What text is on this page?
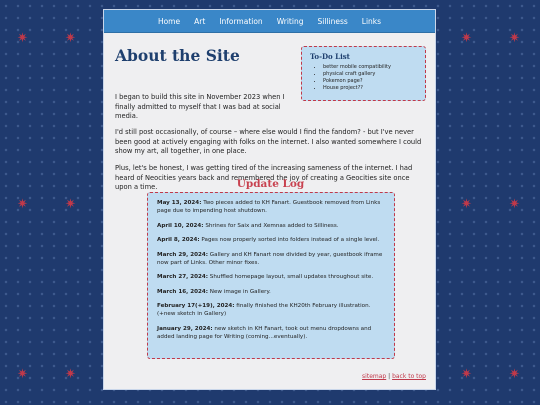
✷	✷
✷	✷
✷	✷
✷	✷
✷	✷
✷	✷
Home Art Information Writing Silliness Links
About the Site	To-Do List
• better mobile compatibility
• physical craft gallery
• Pokemon page?
• House project??

I began to build this site in November 2023 when I finally admitted to myself that I was bad at social media.

I'd still post occasionally, of course – where else would I find the fandom? - but I've never been good at actively engaging with folks on the internet. I also wanted somewhere I could show my art, all together, in one place.

Plus, let's be honest, I was getting tired of the increasing sameness of the internet. I had heard of Neocities years back and remembered the joy of creating a Geocities site once upon a time.	Update Log

May 13, 2024: Two pieces added to KH Fanart. Guestbook removed from Links page due to impending host shutdown.

April 10, 2024: Shrines for Saix and Xemnas added to Silliness.

April 8, 2024: Pages now properly sorted into folders instead of a single level.

March 29, 2024: Gallery and KH Fanart now divided by year, guestbook iframe now part of Links. Other minor fixes.

March 27, 2024: Shuffled homepage layout, small updates throughout site.

March 16, 2024: New image in Gallery.

February 17(+19), 2024: finally finished the KH20th February illustration. (+new sketch in Gallery)

January 29, 2024: new sketch in KH Fanart, took out menu dropdowns and added landing page for Writing (coming...eventually).

sitemap | back to top
